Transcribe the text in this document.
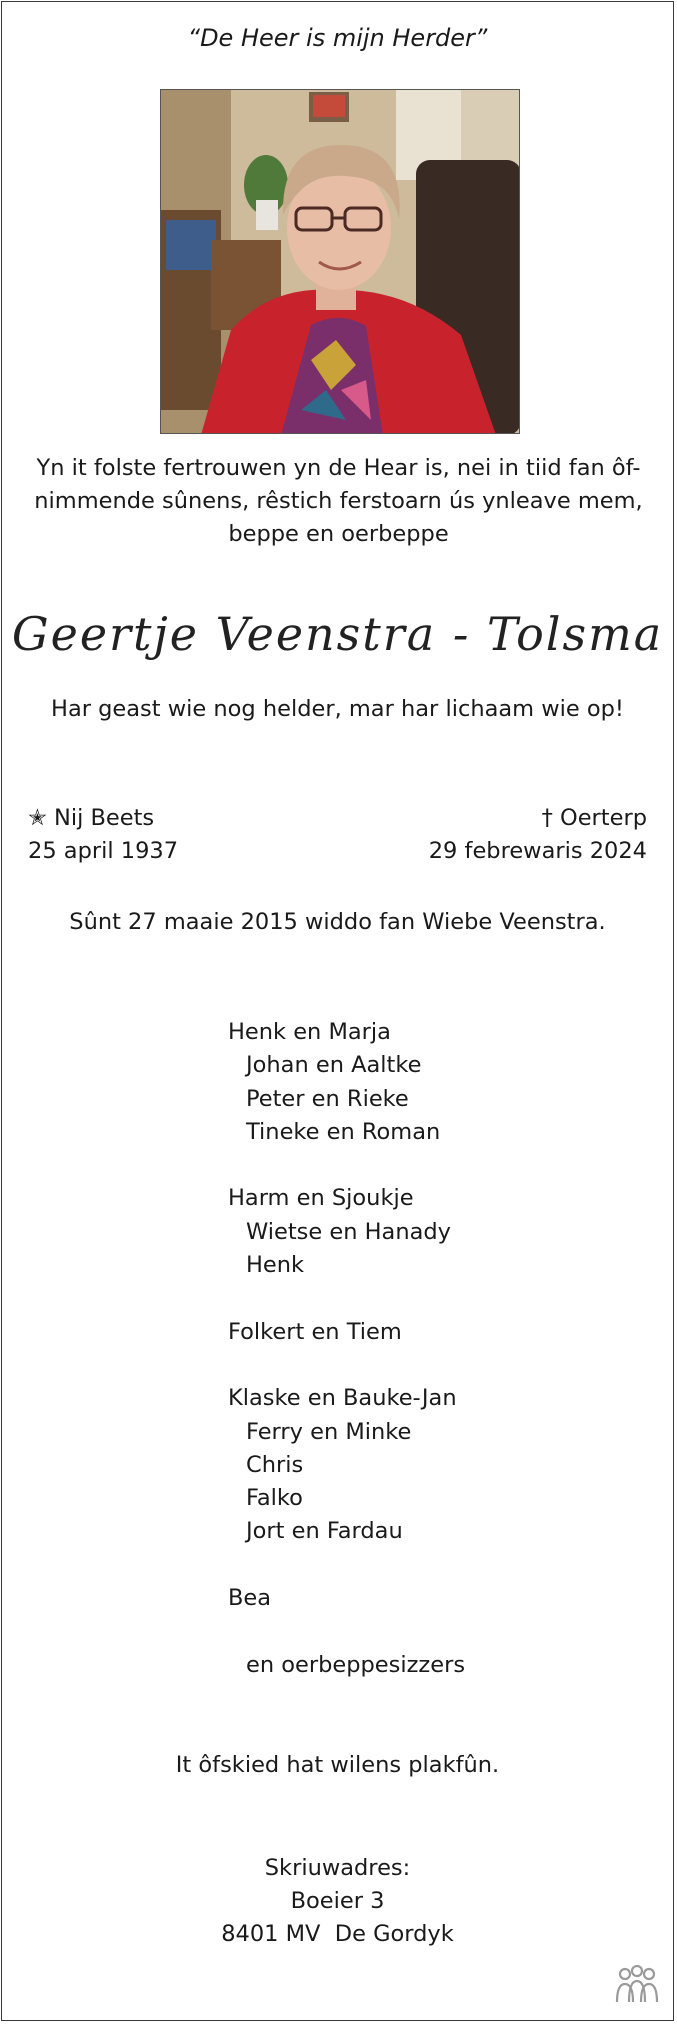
“De Heer is mijn Herder”
Yn it folste fertrouwen yn de Hear is, nei in tiid fan ôf-
nimmende sûnens, rêstich ferstoarn ús ynleave mem,
beppe en oerbeppe
Geertje Veenstra - Tolsma
Har geast wie nog helder, mar har lichaam wie op!
✭ Nij Beets
25 april 1937
† Oerterp
29 febrewaris 2024
Sûnt 27 maaie 2015 widdo fan Wiebe Veenstra.
Henk en Marja
Johan en Aaltke
Peter en Rieke
Tineke en Roman
Harm en Sjoukje
Wietse en Hanady
Henk
Folkert en Tiem
Klaske en Bauke-Jan
Ferry en Minke
Chris
Falko
Jort en Fardau
Bea
en oerbeppesizzers
It ôfskied hat wilens plakfûn.
Skriuwadres:
Boeier 3
8401 MV  De Gordyk
